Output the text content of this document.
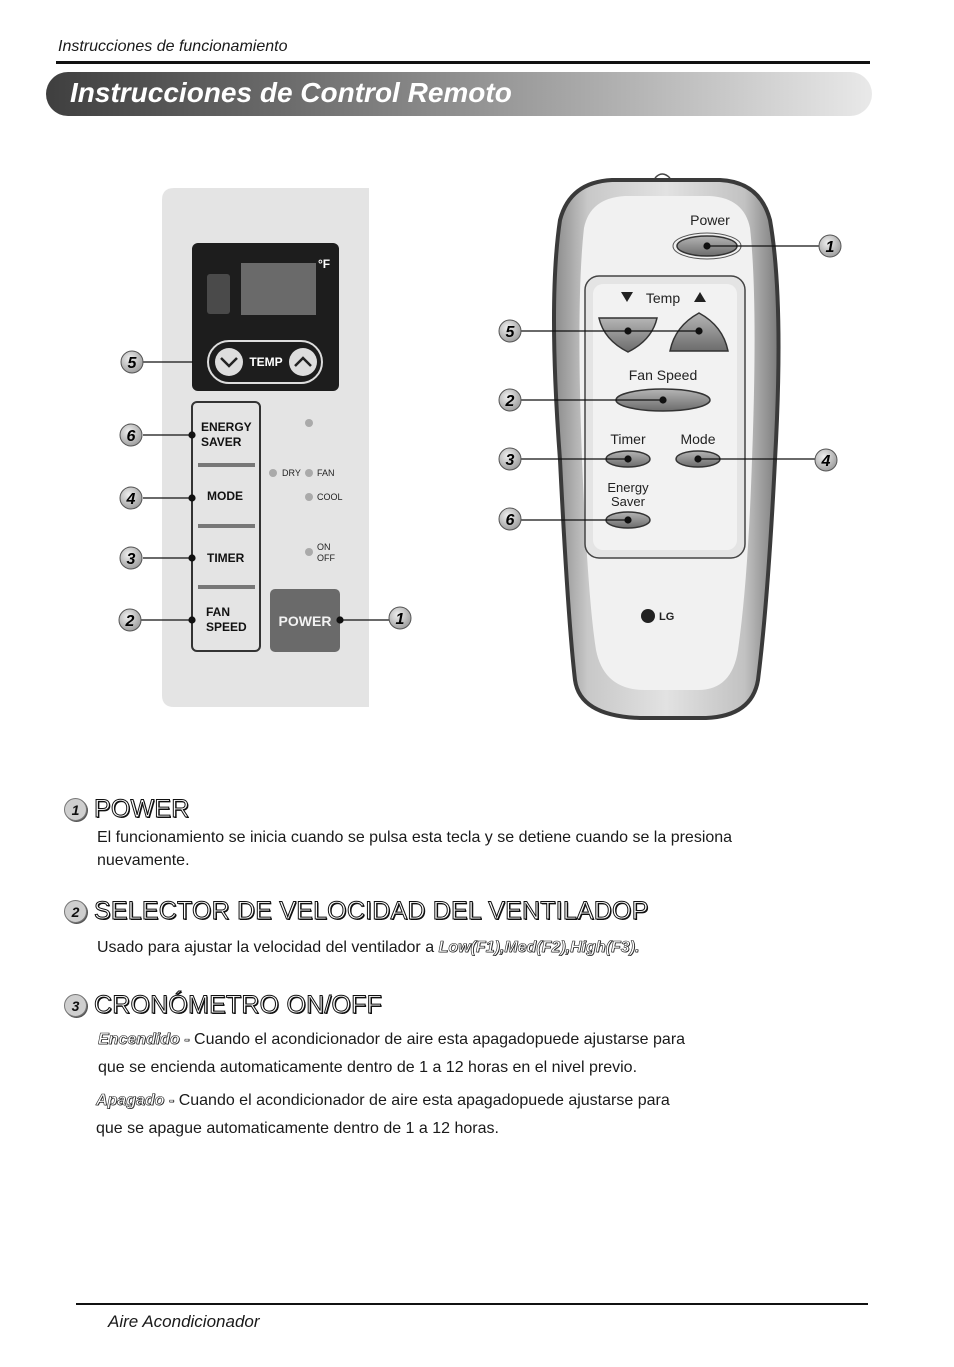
Instrucciones de funcionamiento
Instrucciones de Control Remoto
°F
TEMP
ENERGY
SAVER
MODE
TIMER
FAN
SPEED POWER
DRY FAN
COOL
ON
OFF
5
6
4
3
2	1
Power
Temp
Fan Speed
Timer Mode
Energy
Saver
LG
1
5
2
3	4
6
1 POWER
El funcionamiento se inicia cuando se pulsa esta tecla y se detiene cuando se la presiona nuevamente.
2 SELECTOR DE VELOCIDAD DEL VENTILADOP
Usado para ajustar la velocidad del ventilador a Low(F1),Med(F2),High(F3).
3 CRONÓMETRO ON/OFF
Encendido - Cuando el acondicionador de aire esta apagadopuede ajustarse para
que se encienda automaticamente dentro de 1 a 12 horas en el nivel previo.
Apagado - Cuando el acondicionador de aire esta apagadopuede ajustarse para
que se apague automaticamente dentro de 1 a 12 horas.
Aire Acondicionador
